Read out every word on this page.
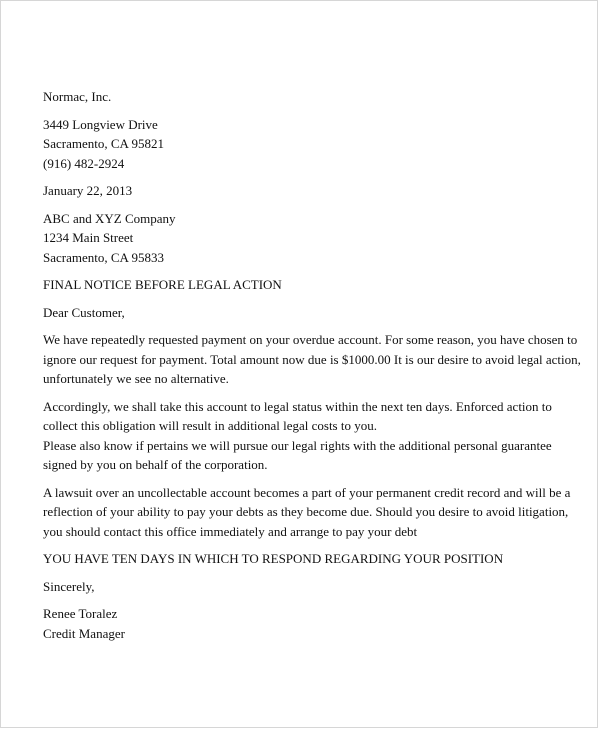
Normac, Inc.

3449 Longview Drive

Sacramento, CA 95821

(916) 482-2924

January 22, 2013

ABC and XYZ Company

1234 Main Street

Sacramento, CA 95833

FINAL NOTICE BEFORE LEGAL ACTION

Dear Customer,

We have repeatedly requested payment on your overdue account. For some reason, you have chosen to ignore our request for payment. Total amount now due is $1000.00 It is our desire to avoid legal action, unfortunately we see no alternative.

Accordingly, we shall take this account to legal status within the next ten days. Enforced action to collect this obligation will result in additional legal costs to you.

Please also know if pertains we will pursue our legal rights with the additional personal guarantee signed by you on behalf of the corporation.

A lawsuit over an uncollectable account becomes a part of your permanent credit record and will be a reflection of your ability to pay your debts as they become due. Should you desire to avoid litigation, you should contact this office immediately and arrange to pay your debt

YOU HAVE TEN DAYS IN WHICH TO RESPOND REGARDING YOUR POSITION

Sincerely,

Renee Toralez

Credit Manager
